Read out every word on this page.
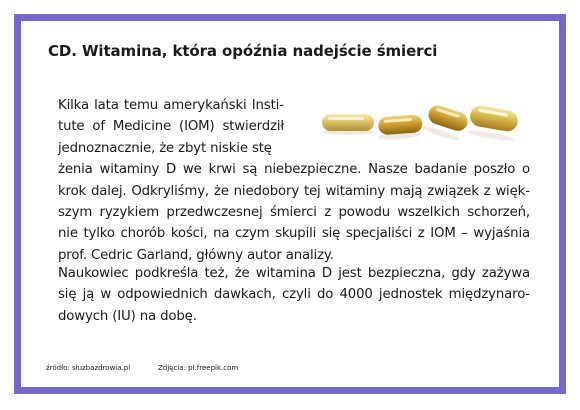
CD. Witamina, która opóźnia nadejście śmierci

Kilka lata temu amerykański Institute of Medicine (IOM) stwierdził jednoznacznie, że zbyt niskie stę
żenia witaminy D we krwi są niebezpieczne. Nasze badanie poszło o krok dalej. Odkryliśmy, że niedobory tej witaminy mają związek z większym ryzykiem przedwczesnej śmierci z powodu wszelkich schorzeń, nie tylko chorób kości, na czym skupili się specjaliści z IOM – wyjaśnia prof. Cedric Garland, główny autor analizy.

Naukowiec podkreśla też, że witamina D jest bezpieczna, gdy zażywa się ją w odpowiednich dawkach, czyli do 4000 jednostek międzynarodowych (IU) na dobę.

źródło: słuzbazdrowia.pl	Zdjęcia: pl.freepik.com
